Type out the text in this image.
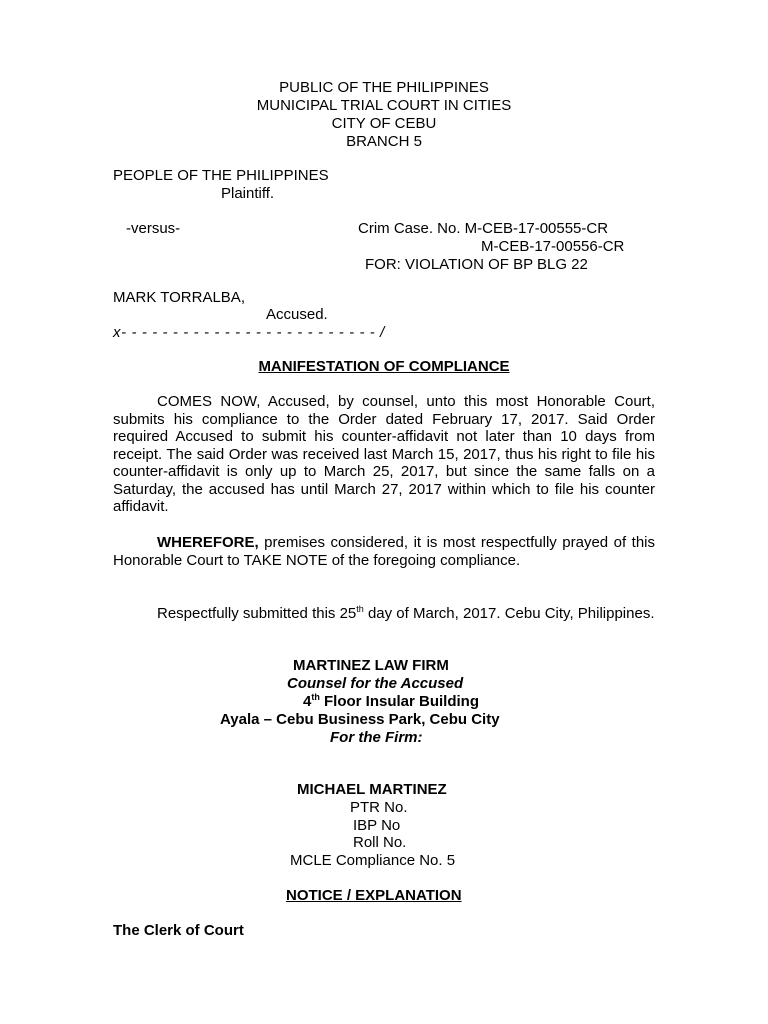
PUBLIC OF THE PHILIPPINES
MUNICIPAL TRIAL COURT IN CITIES
CITY OF CEBU
BRANCH 5
PEOPLE OF THE PHILIPPINES
Plaintiff.
-versus-	Crim Case. No. M-CEB-17-00555-CR
M-CEB-17-00556-CR
FOR: VIOLATION OF BP BLG 22
MARK TORRALBA,
Accused.
x- - - - - - - - - - - - - - - - - - - - - - - - - /
MANIFESTATION OF COMPLIANCE
COMES NOW, Accused, by counsel, unto this most Honorable Court, submits his compliance to the Order dated February 17, 2017. Said Order required Accused to submit his counter-affidavit not later than 10 days from receipt. The said Order was received last March 15, 2017, thus his right to file his counter-affidavit is only up to March 25, 2017, but since the same falls on a Saturday, the accused has until March 27, 2017 within which to file his counter affidavit.
WHEREFORE, premises considered, it is most respectfully prayed of this Honorable Court to TAKE NOTE of the foregoing compliance.
Respectfully submitted this 25th day of March, 2017. Cebu City, Philippines.
MARTINEZ LAW FIRM
Counsel for the Accused
4th Floor Insular Building
Ayala – Cebu Business Park, Cebu City
For the Firm:
MICHAEL MARTINEZ
PTR No.
IBP No
Roll No.
MCLE Compliance No. 5
NOTICE / EXPLANATION
The Clerk of Court
